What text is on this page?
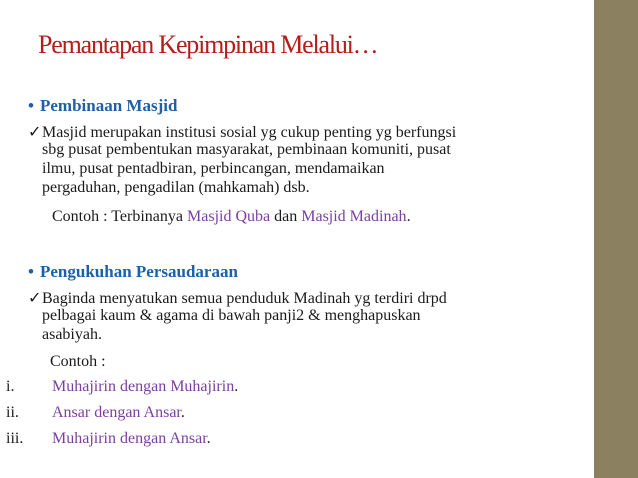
Pemantapan Kepimpinan Melalui…
• Pembinaan Masjid
✓Masjid merupakan institusi sosial yg cukup penting yg berfungsi
sbg pusat pembentukan masyarakat, pembinaan komuniti, pusat
ilmu, pusat pentadbiran, perbincangan, mendamaikan
pergaduhan, pengadilan (mahkamah) dsb.
Contoh : Terbinanya Masjid Quba dan Masjid Madinah.
• Pengukuhan Persaudaraan
✓Baginda menyatukan semua penduduk Madinah yg terdiri drpd
pelbagai kaum & agama di bawah panji2 & menghapuskan
asabiyah.
Contoh :
i. Muhajirin dengan Muhajirin.
ii. Ansar dengan Ansar.
iii. Muhajirin dengan Ansar.
